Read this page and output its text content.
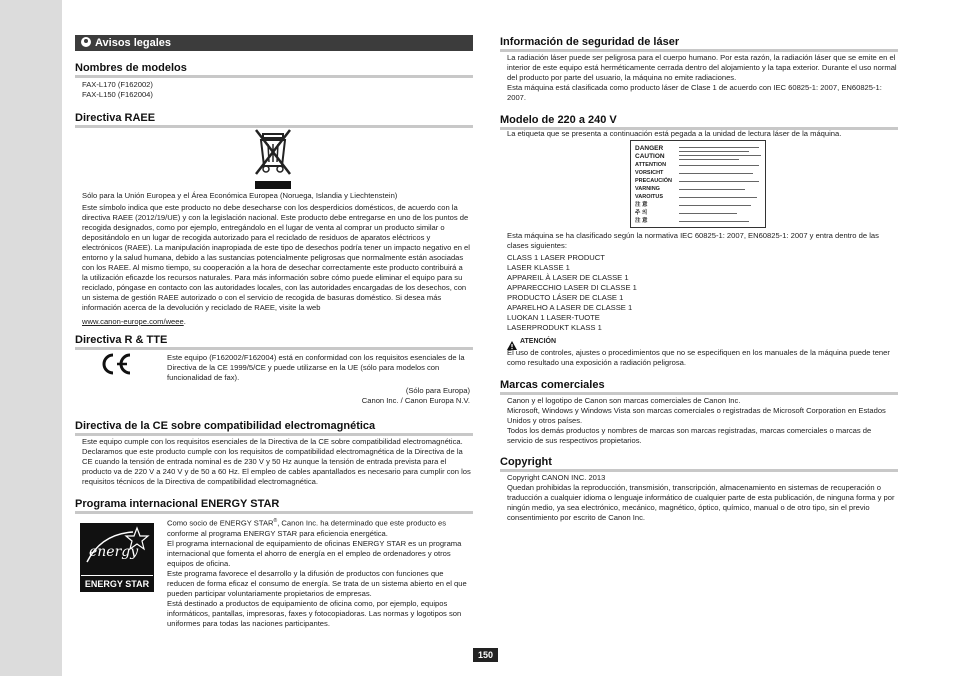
Avisos legales
Nombres de modelos

FAX-L170 (F162002)

FAX-L150 (F162004)

Directiva RAEE
Sólo para la Unión Europea y el Área Económica Europea (Noruega, Islandia y Liechtenstein)

Este símbolo indica que este producto no debe desecharse con los desperdicios domésticos, de acuerdo con la directiva RAEE (2012/19/UE) y con la legislación nacional. Este producto debe entregarse en uno de los puntos de recogida designados, como por ejemplo, entregándolo en el lugar de venta al comprar un producto similar o depositándolo en un lugar de recogida autorizado para el reciclado de residuos de aparatos eléctricos y electrónicos (RAEE). La manipulación inapropiada de este tipo de desechos podría tener un impacto negativo en el entorno y la salud humana, debido a las sustancias potencialmente peligrosas que normalmente están asociadas con los RAEE. Al mismo tiempo, su cooperación a la hora de desechar correctamente este producto contribuirá a la utilización eficazde los recursos naturales. Para más información sobre cómo puede eliminar el equipo para su reciclado, póngase en contacto con las autoridades locales, con las autoridades encargadas de los desechos, con un sistema de gestión RAEE autorizado o con el servicio de recogida de basuras doméstico. Si desea más información acerca de la devolución y reciclado de RAEE, visite la web

www.canon-europe.com/weee.

Directiva R & TTE
Este equipo (F162002/F162004) está en conformidad con los requisitos esenciales de la Directiva de la CE 1999/5/CE y puede utilizarse en la UE (sólo para modelos con funcionalidad de fax).
(Sólo para Europa)
Canon Inc. / Canon Europa N.V.
Directiva de la CE sobre compatibilidad electromagnética
Este equipo cumple con los requisitos esenciales de la Directiva de la CE sobre compatibilidad electromagnética. Declaramos que este producto cumple con los requisitos de compatibilidad electromagnética de la Directiva de la CE cuando la tensión de entrada nominal es de 230 V y 50 Hz aunque la tensión de entrada prevista para el producto va de 220 V a 240 V y de 50 a 60 Hz. El empleo de cables apantallados es necesario para cumplir con los requisitos técnicos de la Directiva de compatibilidad electromagnética.
Programa internacional ENERGY STAR
energy
ENERGY STAR

Como socio de ENERGY STAR®, Canon Inc. ha determinado que este producto es conforme al programa ENERGY STAR para eficiencia energética.

El programa internacional de equipamiento de oficinas ENERGY STAR es un programa internacional que fomenta el ahorro de energía en el empleo de ordenadores y otros equipos de oficina.

Este programa favorece el desarrollo y la difusión de productos con funciones que reducen de forma eficaz el consumo de energía. Se trata de un sistema abierto en el que pueden participar voluntariamente propietarios de empresas.

Está destinado a productos de equipamiento de oficina como, por ejemplo, equipos informáticos, pantallas, impresoras, faxes y fotocopiadoras. Las normas y logotipos son uniformes para todas las naciones participantes.

Información de seguridad de láser

La radiación láser puede ser peligrosa para el cuerpo humano. Por esta razón, la radiación láser que se emite en el interior de este equipo está herméticamente cerrada dentro del alojamiento y la tapa exterior. Durante el uso normal del producto por parte del usuario, la máquina no emite radiaciones.

Esta máquina está clasificada como producto láser de Clase 1 de acuerdo con IEC 60825-1: 2007, EN60825-1: 2007.

Modelo de 220 a 240 V
La etiqueta que se presenta a continuación está pegada a la unidad de lectura láser de la máquina.
DANGER
CAUTION
ATTENTION
VORSICHT
PRECAUCIÓN
VARNING
VAROITUS
注 意
주 의
注 意
Esta máquina se ha clasificado según la normativa IEC 60825-1: 2007, EN60825-1: 2007 y entra dentro de las clases siguientes:

CLASS 1 LASER PRODUCT

LASER KLASSE 1

APPAREIL À LASER DE CLASSE 1

APPARECCHIO LASER DI CLASSE 1

PRODUCTO LÁSER DE CLASE 1

APARELHO A LASER DE CLASSE 1

LUOKAN 1 LASER-TUOTE

LASERPRODUKT KLASS 1

ATENCIÓN
El uso de controles, ajustes o procedimientos que no se especifiquen en los manuales de la máquina puede tener como resultado una exposición a radiación peligrosa.
Marcas comerciales

Canon y el logotipo de Canon son marcas comerciales de Canon Inc.

Microsoft, Windows y Windows Vista son marcas comerciales o registradas de Microsoft Corporation en Estados Unidos y otros países.

Todos los demás productos y nombres de marcas son marcas registradas, marcas comerciales o marcas de servicio de sus respectivos propietarios.

Copyright

Copyright CANON INC. 2013

Quedan prohibidas la reproducción, transmisión, transcripción, almacenamiento en sistemas de recuperación o traducción a cualquier idioma o lenguaje informático de cualquier parte de esta publicación, de ninguna forma y por ningún medio, ya sea electrónico, mecánico, magnético, óptico, químico, manual o de otro tipo, sin el previo consentimiento por escrito de Canon Inc.

150
